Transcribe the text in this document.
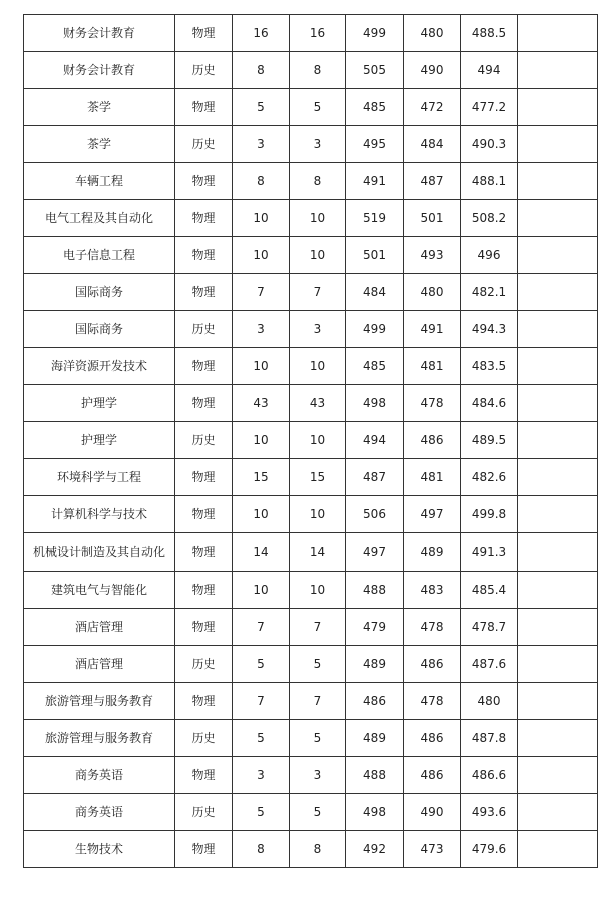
财务会计教育	物理	16	16	499	480	488.5	
财务会计教育	历史	8	8	505	490	494	
茶学	物理	5	5	485	472	477.2	
茶学	历史	3	3	495	484	490.3	
车辆工程	物理	8	8	491	487	488.1	
电气工程及其自动化	物理	10	10	519	501	508.2	
电子信息工程	物理	10	10	501	493	496	
国际商务	物理	7	7	484	480	482.1	
国际商务	历史	3	3	499	491	494.3	
海洋资源开发技术	物理	10	10	485	481	483.5	
护理学	物理	43	43	498	478	484.6	
护理学	历史	10	10	494	486	489.5	
环境科学与工程	物理	15	15	487	481	482.6	
计算机科学与技术	物理	10	10	506	497	499.8	
机械设计制造及其自动化	物理	14	14	497	489	491.3	
建筑电气与智能化	物理	10	10	488	483	485.4	
酒店管理	物理	7	7	479	478	478.7	
酒店管理	历史	5	5	489	486	487.6	
旅游管理与服务教育	物理	7	7	486	478	480	
旅游管理与服务教育	历史	5	5	489	486	487.8	
商务英语	物理	3	3	488	486	486.6	
商务英语	历史	5	5	498	490	493.6	
生物技术	物理	8	8	492	473	479.6	
